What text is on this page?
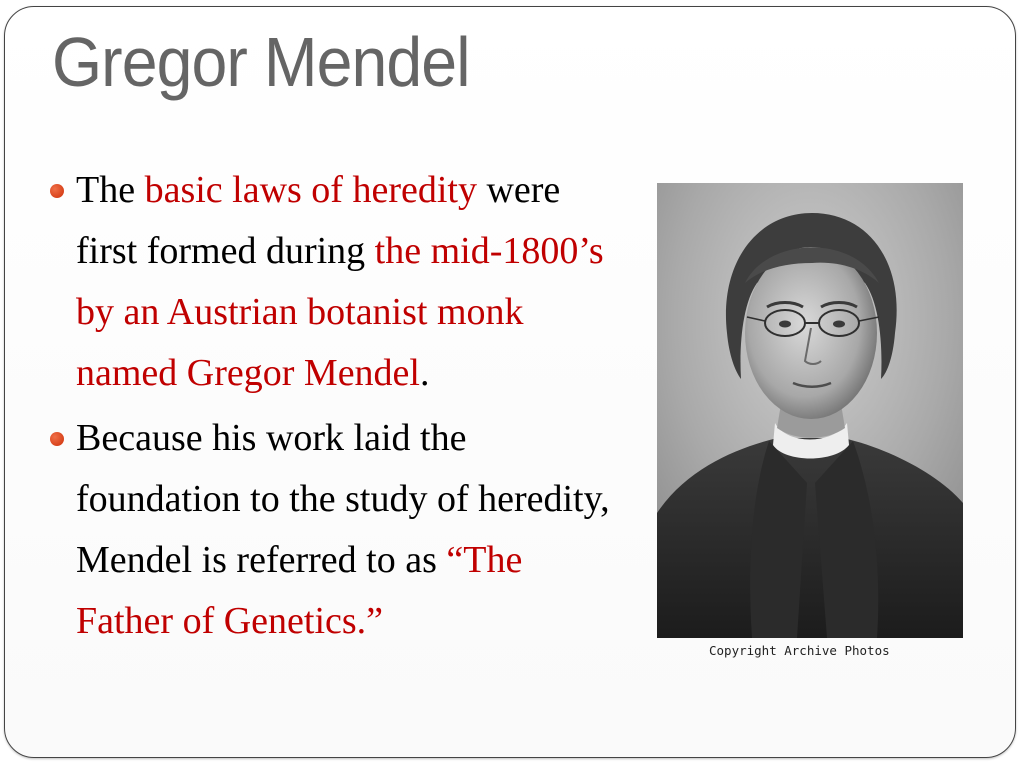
Gregor Mendel

The basic laws of heredity were first formed during the mid-1800’s by an Austrian botanist monk named Gregor Mendel.

Because his work laid the foundation to the study of heredity, Mendel is referred to as “The Father of Genetics.”

Copyright Archive Photos
